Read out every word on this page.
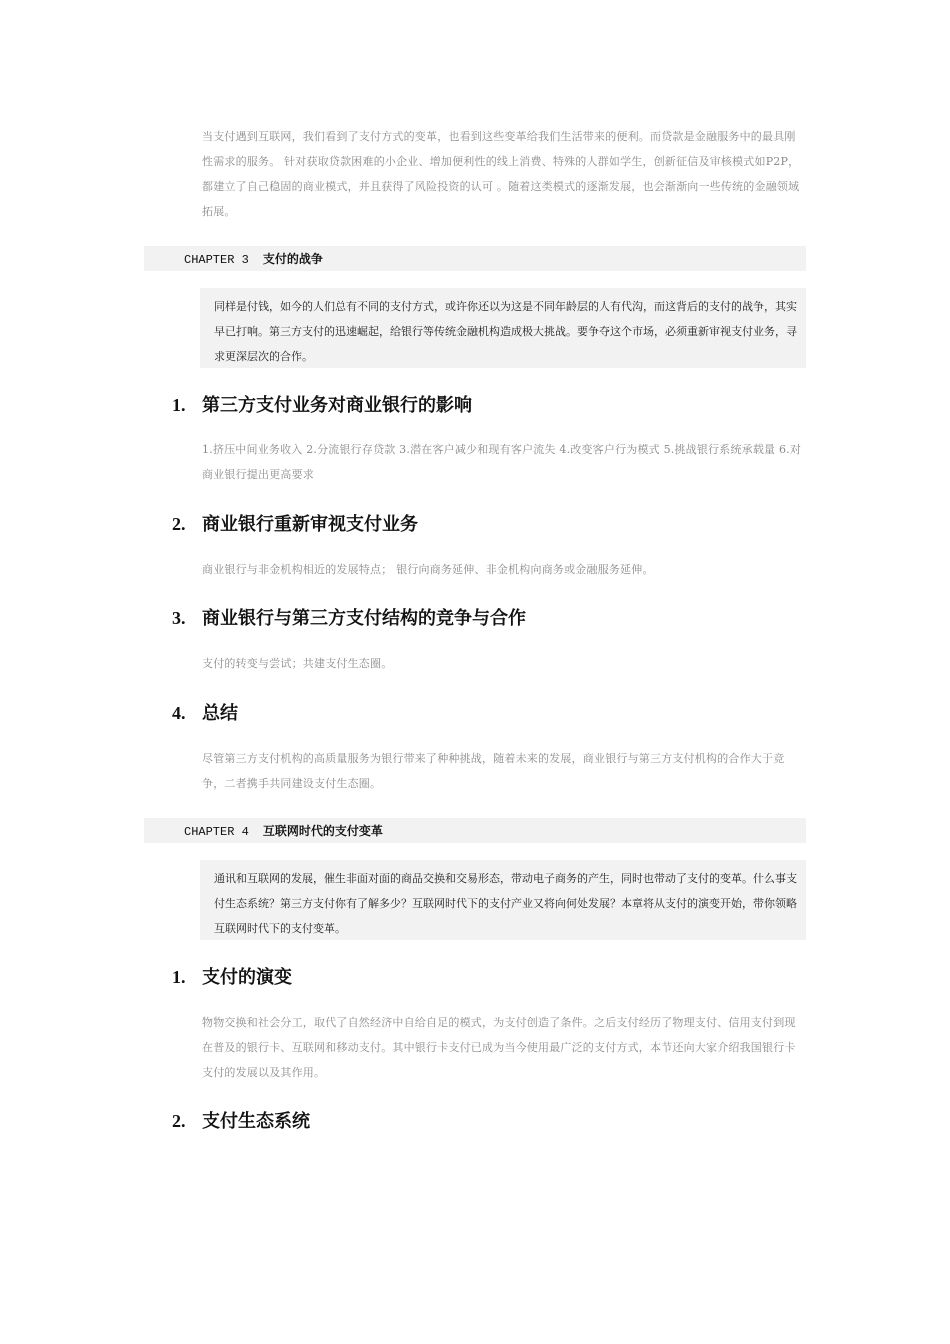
当支付遇到互联网，我们看到了支付方式的变革，也看到这些变革给我们生活带来的便利。而贷款是金融服务中的最具刚性需求的服务。 针对获取贷款困难的小企业、增加便利性的线上消费、特殊的人群如学生，创新征信及审核模式如P2P，都建立了自己稳固的商业模式，并且获得了风险投资的认可 。随着这类模式的逐渐发展，也会渐渐向一些传统的金融领域拓展。

CHAPTER 3 支付的战争

同样是付钱，如今的人们总有不同的支付方式，或许你还以为这是不同年龄层的人有代沟，而这背后的支付的战争，其实早已打响。第三方支付的迅速崛起，给银行等传统金融机构造成极大挑战。要争夺这个市场，必须重新审视支付业务，寻求更深层次的合作。

1. 第三方支付业务对商业银行的影响

1.挤压中间业务收入 2.分流银行存贷款 3.潜在客户减少和现有客户流失 4.改变客户行为模式 5.挑战银行系统承载量 6.对商业银行提出更高要求

2. 商业银行重新审视支付业务

商业银行与非金机构相近的发展特点； 银行向商务延伸、非金机构向商务或金融服务延伸。

3. 商业银行与第三方支付结构的竞争与合作

支付的转变与尝试；共建支付生态圈。

4. 总结

尽管第三方支付机构的高质量服务为银行带来了种种挑战，随着未来的发展，商业银行与第三方支付机构的合作大于竞争，二者携手共同建设支付生态圈。

CHAPTER 4 互联网时代的支付变革

通讯和互联网的发展，催生非面对面的商品交换和交易形态，带动电子商务的产生，同时也带动了支付的变革。什么事支付生态系统？第三方支付你有了解多少？互联网时代下的支付产业又将向何处发展？本章将从支付的演变开始，带你领略互联网时代下的支付变革。

1. 支付的演变

物物交换和社会分工，取代了自然经济中自给自足的模式，为支付创造了条件。之后支付经历了物理支付、信用支付到现在普及的银行卡、互联网和移动支付。其中银行卡支付已成为当今使用最广泛的支付方式，本节还向大家介绍我国银行卡支付的发展以及其作用。

2. 支付生态系统
